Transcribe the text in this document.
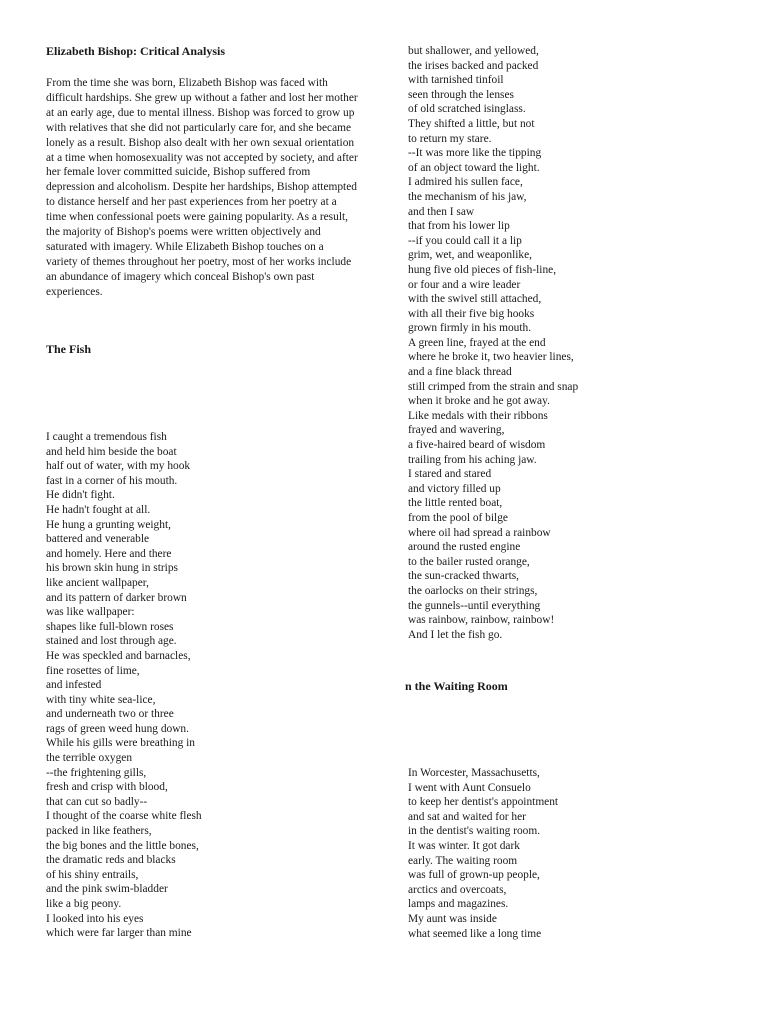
Elizabeth Bishop: Critical Analysis

From the time she was born, Elizabeth Bishop was faced with difficult hardships. She grew up without a father and lost her mother at an early age, due to mental illness. Bishop was forced to grow up with relatives that she did not particularly care for, and she became lonely as a result. Bishop also dealt with her own sexual orientation at a time when homosexuality was not accepted by society, and after her female lover committed suicide, Bishop suffered from depression and alcoholism. Despite her hardships, Bishop attempted to distance herself and her past experiences from her poetry at a time when confessional poets were gaining popularity. As a result, the majority of Bishop's poems were written objectively and saturated with imagery. While Elizabeth Bishop touches on a variety of themes throughout her poetry, most of her works include an abundance of imagery which conceal Bishop's own past experiences.

The Fish
I caught a tremendous fish
and held him beside the boat
half out of water, with my hook
fast in a corner of his mouth.
He didn't fight.
He hadn't fought at all.
He hung a grunting weight,
battered and venerable
and homely. Here and there
his brown skin hung in strips
like ancient wallpaper,
and its pattern of darker brown
was like wallpaper:
shapes like full-blown roses
stained and lost through age.
He was speckled and barnacles,
fine rosettes of lime,
and infested
with tiny white sea-lice,
and underneath two or three
rags of green weed hung down.
While his gills were breathing in
the terrible oxygen
--the frightening gills,
fresh and crisp with blood,
that can cut so badly--
I thought of the coarse white flesh
packed in like feathers,
the big bones and the little bones,
the dramatic reds and blacks
of his shiny entrails,
and the pink swim-bladder
like a big peony.
I looked into his eyes
which were far larger than mine
but shallower, and yellowed,
the irises backed and packed
with tarnished tinfoil
seen through the lenses
of old scratched isinglass.
They shifted a little, but not
to return my stare.
--It was more like the tipping
of an object toward the light.
I admired his sullen face,
the mechanism of his jaw,
and then I saw
that from his lower lip
--if you could call it a lip
grim, wet, and weaponlike,
hung five old pieces of fish-line,
or four and a wire leader
with the swivel still attached,
with all their five big hooks
grown firmly in his mouth.
A green line, frayed at the end
where he broke it, two heavier lines,
and a fine black thread
still crimped from the strain and snap
when it broke and he got away.
Like medals with their ribbons
frayed and wavering,
a five-haired beard of wisdom
trailing from his aching jaw.
I stared and stared
and victory filled up
the little rented boat,
from the pool of bilge
where oil had spread a rainbow
around the rusted engine
to the bailer rusted orange,
the sun-cracked thwarts,
the oarlocks on their strings,
the gunnels--until everything
was rainbow, rainbow, rainbow!
And I let the fish go.
n the Waiting Room
In Worcester, Massachusetts,
I went with Aunt Consuelo
to keep her dentist's appointment
and sat and waited for her
in the dentist's waiting room.
It was winter. It got dark
early. The waiting room
was full of grown-up people,
arctics and overcoats,
lamps and magazines.
My aunt was inside
what seemed like a long time
